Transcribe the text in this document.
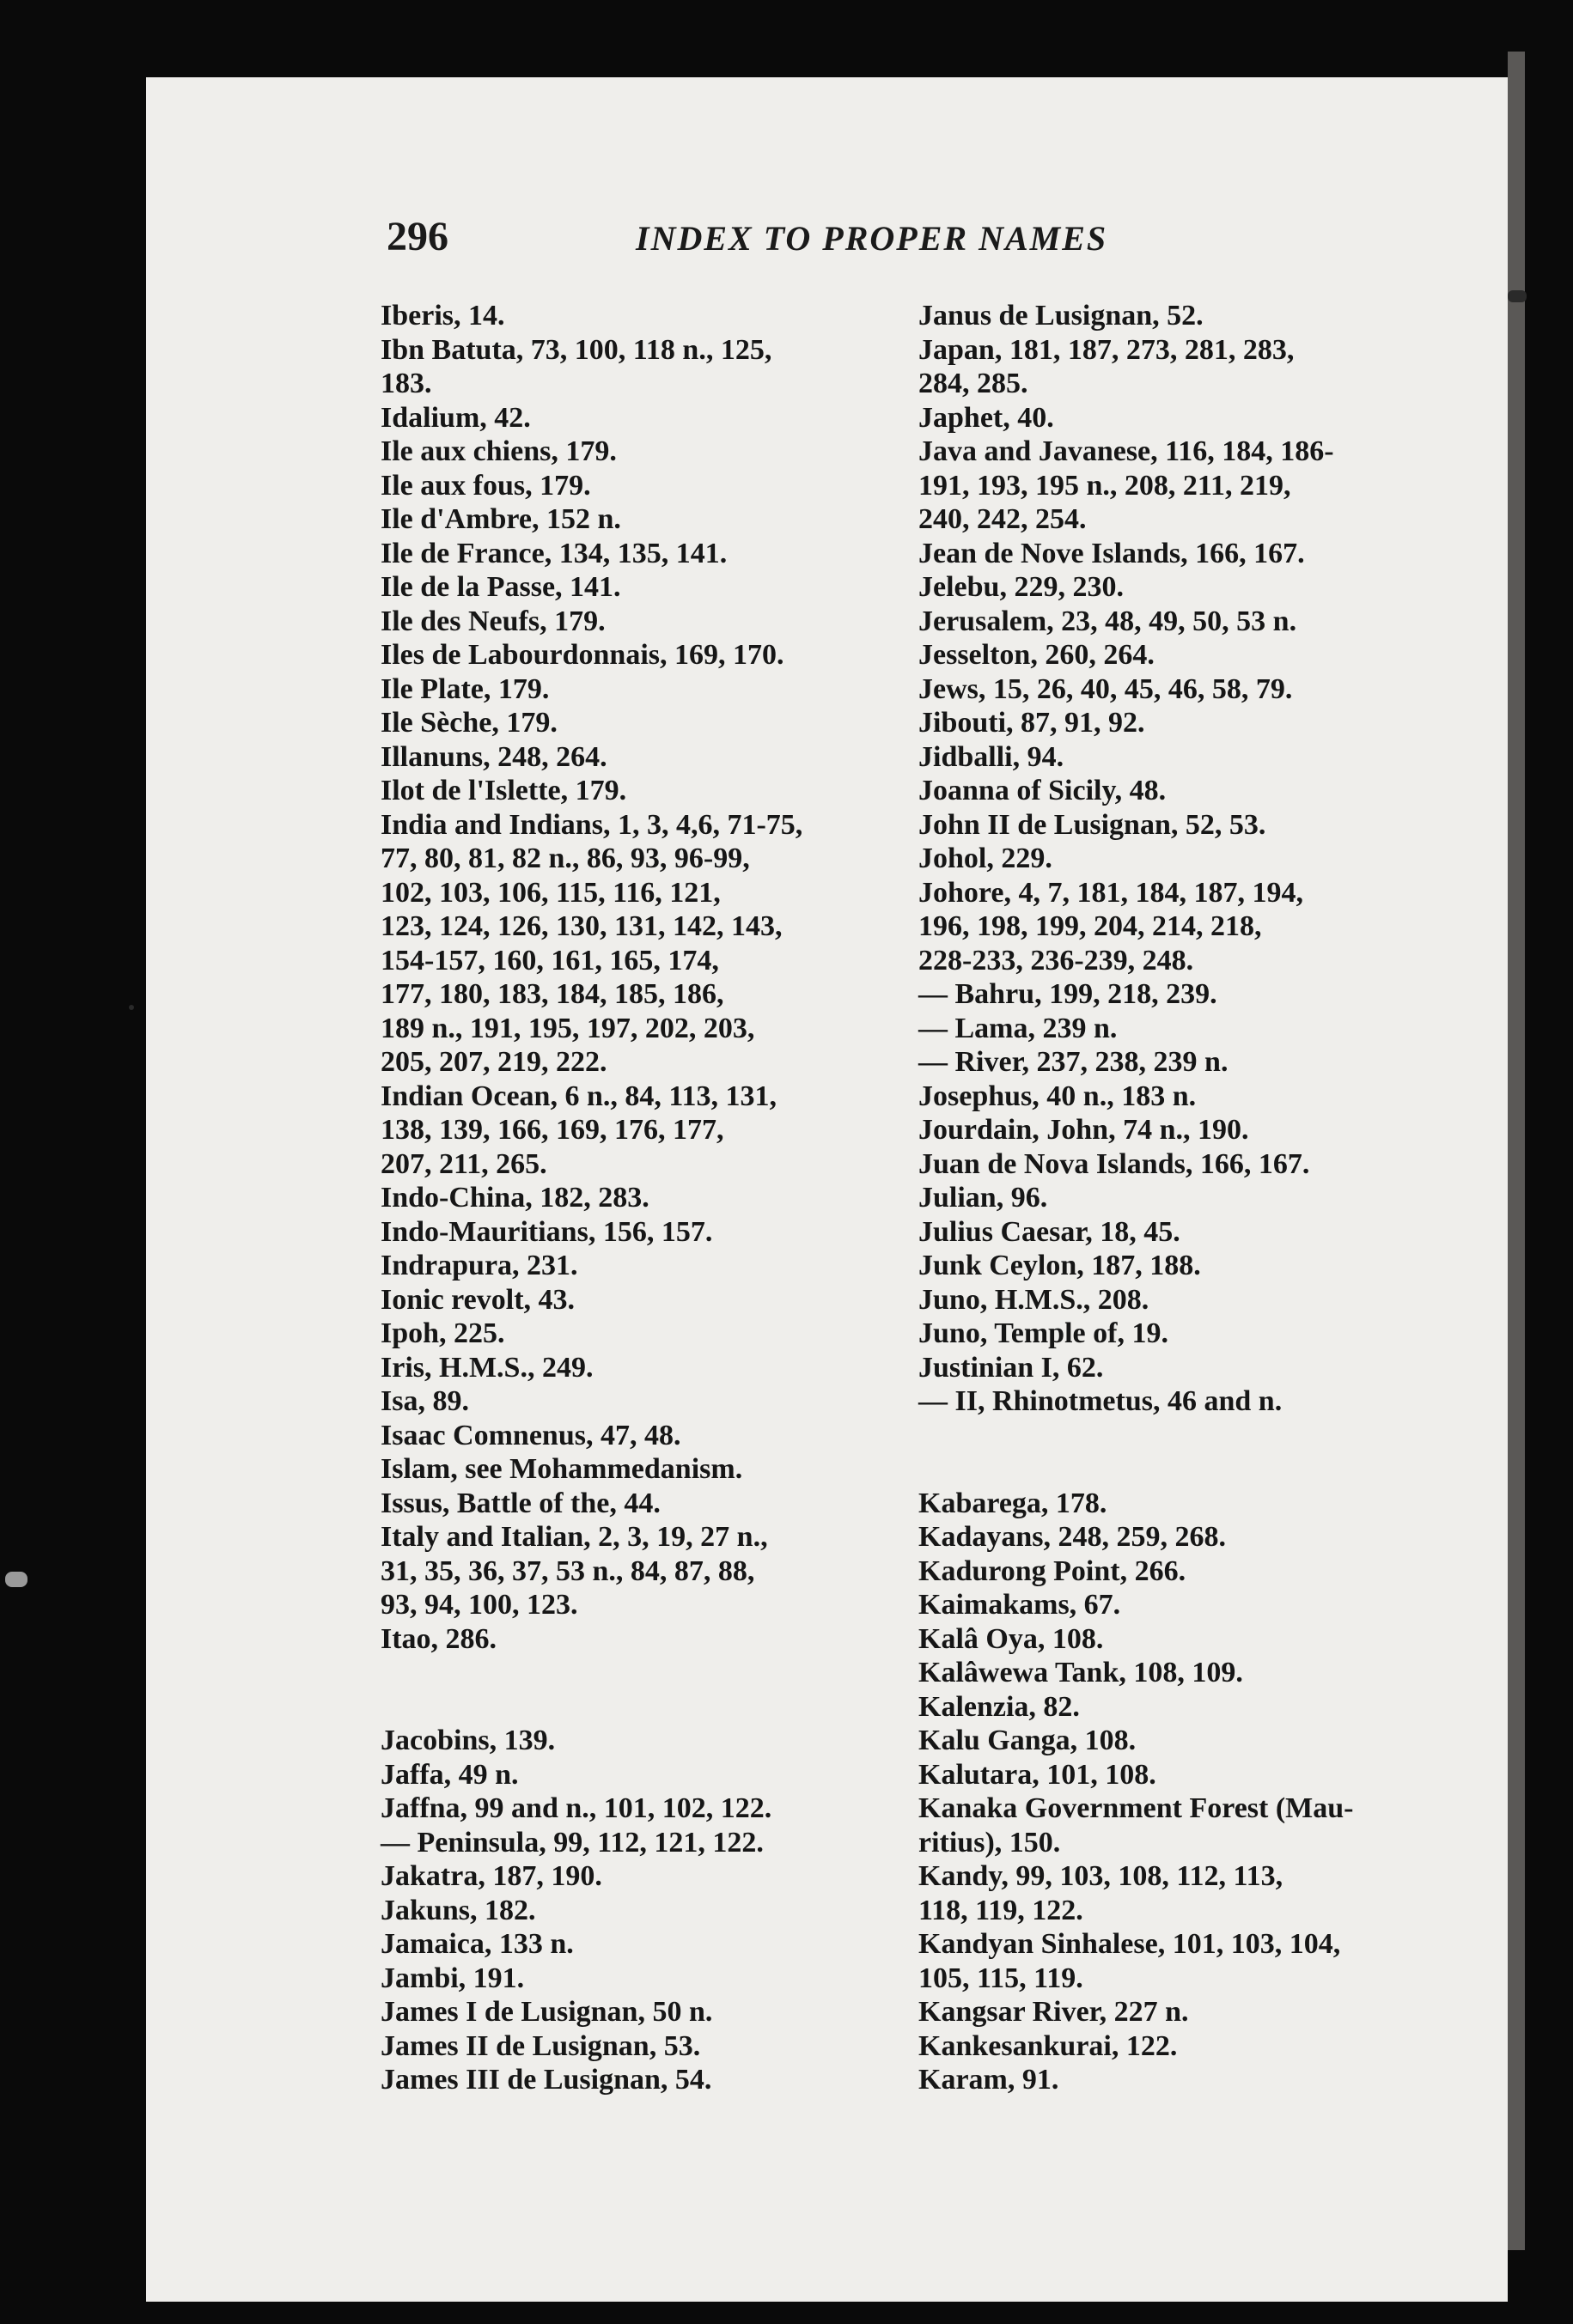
296	INDEX TO PROPER NAMES
Iberis, 14.
Ibn Batuta, 73, 100, 118 n., 125,
183.
Idalium, 42.
Ile aux chiens, 179.
Ile aux fous, 179.
Ile d'Ambre, 152 n.
Ile de France, 134, 135, 141.
Ile de la Passe, 141.
Ile des Neufs, 179.
Iles de Labourdonnais, 169, 170.
Ile Plate, 179.
Ile Sèche, 179.
Illanuns, 248, 264.
Ilot de l'Islette, 179.
India and Indians, 1, 3, 4,6, 71-75,
77, 80, 81, 82 n., 86, 93, 96-99,
102, 103, 106, 115, 116, 121,
123, 124, 126, 130, 131, 142, 143,
154-157, 160, 161, 165, 174,
177, 180, 183, 184, 185, 186,
189 n., 191, 195, 197, 202, 203,
205, 207, 219, 222.
Indian Ocean, 6 n., 84, 113, 131,
138, 139, 166, 169, 176, 177,
207, 211, 265.
Indo-China, 182, 283.
Indo-Mauritians, 156, 157.
Indrapura, 231.
Ionic revolt, 43.
Ipoh, 225.
Iris, H.M.S., 249.
Isa, 89.
Isaac Comnenus, 47, 48.
Islam, see Mohammedanism.
Issus, Battle of the, 44.
Italy and Italian, 2, 3, 19, 27 n.,
31, 35, 36, 37, 53 n., 84, 87, 88,
93, 94, 100, 123.
Itao, 286.
Jacobins, 139.
Jaffa, 49 n.
Jaffna, 99 and n., 101, 102, 122.
— Peninsula, 99, 112, 121, 122.
Jakatra, 187, 190.
Jakuns, 182.
Jamaica, 133 n.
Jambi, 191.
James I de Lusignan, 50 n.
James II de Lusignan, 53.
James III de Lusignan, 54.
Janus de Lusignan, 52.
Japan, 181, 187, 273, 281, 283,
284, 285.
Japhet, 40.
Java and Javanese, 116, 184, 186-
191, 193, 195 n., 208, 211, 219,
240, 242, 254.
Jean de Nove Islands, 166, 167.
Jelebu, 229, 230.
Jerusalem, 23, 48, 49, 50, 53 n.
Jesselton, 260, 264.
Jews, 15, 26, 40, 45, 46, 58, 79.
Jibouti, 87, 91, 92.
Jidballi, 94.
Joanna of Sicily, 48.
John II de Lusignan, 52, 53.
Johol, 229.
Johore, 4, 7, 181, 184, 187, 194,
196, 198, 199, 204, 214, 218,
228-233, 236-239, 248.
— Bahru, 199, 218, 239.
— Lama, 239 n.
— River, 237, 238, 239 n.
Josephus, 40 n., 183 n.
Jourdain, John, 74 n., 190.
Juan de Nova Islands, 166, 167.
Julian, 96.
Julius Caesar, 18, 45.
Junk Ceylon, 187, 188.
Juno, H.M.S., 208.
Juno, Temple of, 19.
Justinian I, 62.
— II, Rhinotmetus, 46 and n.
Kabarega, 178.
Kadayans, 248, 259, 268.
Kadurong Point, 266.
Kaimakams, 67.
Kalâ Oya, 108.
Kalâwewa Tank, 108, 109.
Kalenzia, 82.
Kalu Ganga, 108.
Kalutara, 101, 108.
Kanaka Government Forest (Mau-
ritius), 150.
Kandy, 99, 103, 108, 112, 113,
118, 119, 122.
Kandyan Sinhalese, 101, 103, 104,
105, 115, 119.
Kangsar River, 227 n.
Kankesankurai, 122.
Karam, 91.
